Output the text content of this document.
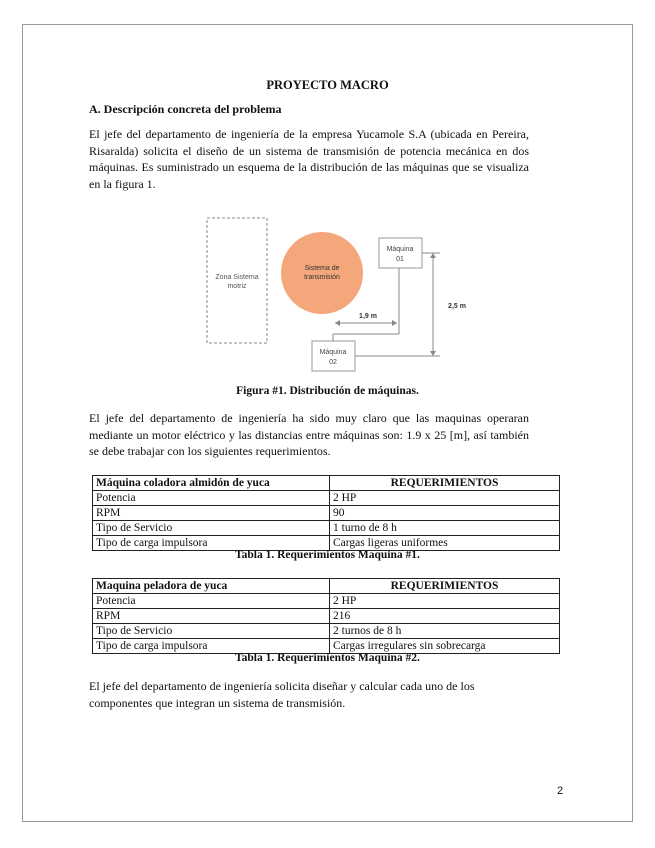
PROYECTO MACRO
A. Descripción concreta del problema
El jefe del departamento de ingeniería de la empresa Yucamole S.A (ubicada en Pereira, Risaralda) solicita el diseño de un sistema de transmisión de potencia mecánica en dos máquinas. Es suministrado un esquema de la distribución de las máquinas que se visualiza en la figura 1.
Zona Sistema
motriz
Sistema de
transmisión
Máquina
01
Máquina
02
1,9 m
2,5 m
Figura #1. Distribución de máquinas.
El jefe del departamento de ingeniería ha sido muy claro que las maquinas operaran mediante un motor eléctrico y las distancias entre máquinas son: 1.9 x 25 [m], así también se debe trabajar con los siguientes requerimientos.
Máquina coladora almidón de yuca	REQUERIMIENTOS
Potencia	2 HP
RPM	90
Tipo de Servicio	1 turno de 8 h
Tipo de carga impulsora	Cargas ligeras uniformes
Tabla 1. Requerimientos Maquina #1.
Maquina peladora de yuca	REQUERIMIENTOS
Potencia	2 HP
RPM	216
Tipo de Servicio	2 turnos de 8 h
Tipo de carga impulsora	Cargas irregulares sin sobrecarga
Tabla 1. Requerimientos Maquina #2.
El jefe del departamento de ingeniería solicita diseñar y calcular cada uno de los componentes que integran un sistema de transmisión.
2
